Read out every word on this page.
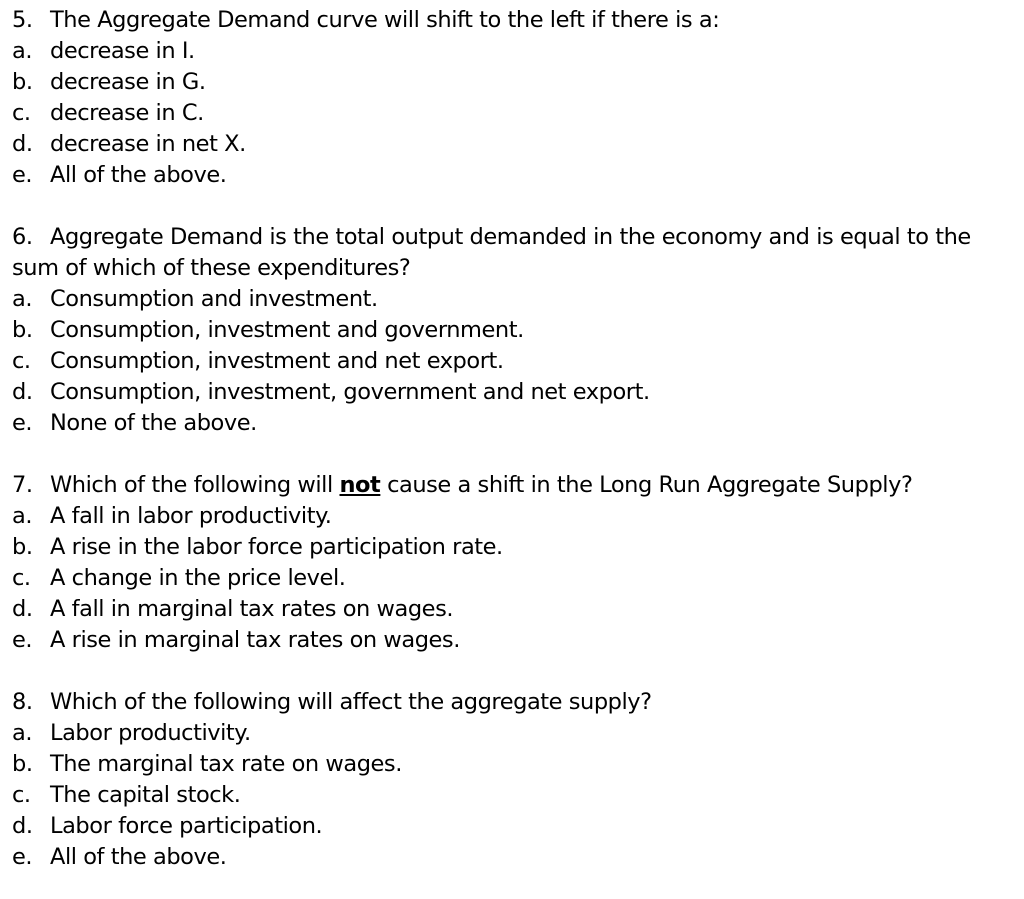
5. The Aggregate Demand curve will shift to the left if there is a:
a. decrease in I.
b. decrease in G.
c. decrease in C.
d. decrease in net X.
e. All of the above.
6. Aggregate Demand is the total output demanded in the economy and is equal to the sum of which of these expenditures?
a. Consumption and investment.
b. Consumption, investment and government.
c. Consumption, investment and net export.
d. Consumption, investment, government and net export.
e. None of the above.
7. Which of the following will not cause a shift in the Long Run Aggregate Supply?
a. A fall in labor productivity.
b. A rise in the labor force participation rate.
c. A change in the price level.
d. A fall in marginal tax rates on wages.
e. A rise in marginal tax rates on wages.
8. Which of the following will affect the aggregate supply?
a. Labor productivity.
b. The marginal tax rate on wages.
c. The capital stock.
d. Labor force participation.
e. All of the above.
